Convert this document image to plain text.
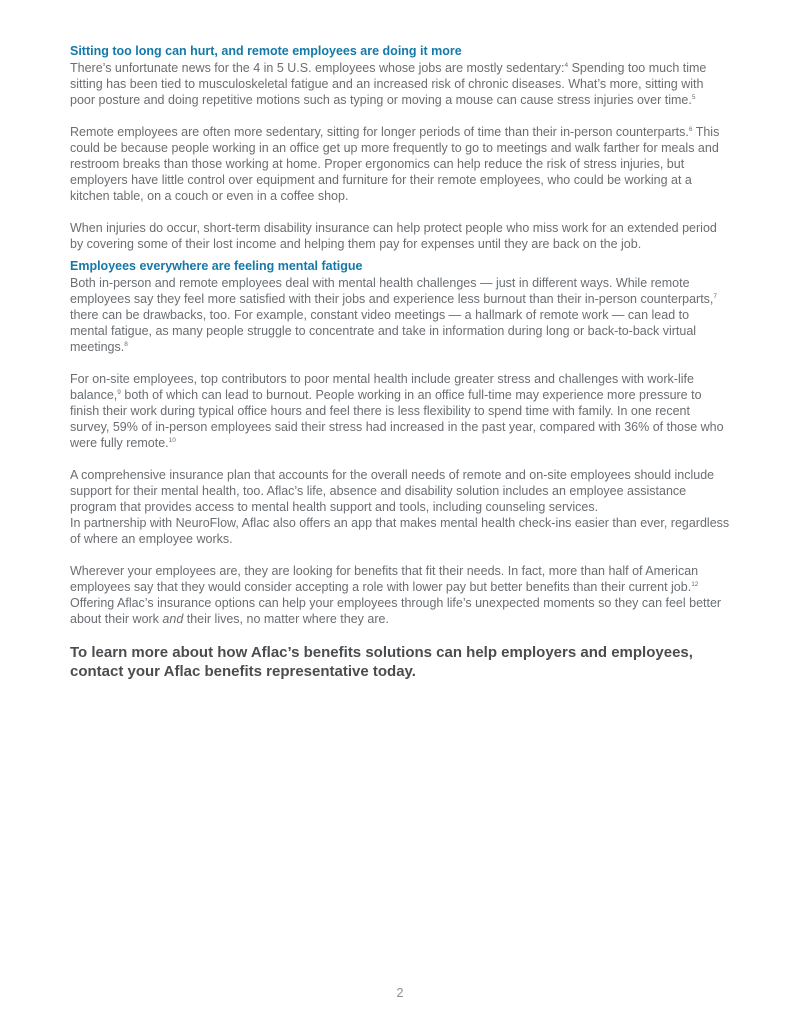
Sitting too long can hurt, and remote employees are doing it more

There’s unfortunate news for the 4 in 5 U.S. employees whose jobs are mostly sedentary:$^4$ Spending too much time sitting has been tied to musculoskeletal fatigue and an increased risk of chronic diseases. What’s more, sitting with poor posture and doing repetitive motions such as typing or moving a mouse can cause stress injuries over time.$^5$

Remote employees are often more sedentary, sitting for longer periods of time than their in-person counterparts.$^6$ This could be because people working in an office get up more frequently to go to meetings and walk farther for meals and restroom breaks than those working at home. Proper ergonomics can help reduce the risk of stress injuries, but employers have little control over equipment and furniture for their remote employees, who could be working at a kitchen table, on a couch or even in a coffee shop.

When injuries do occur, short-term disability insurance can help protect people who miss work for an extended period by covering some of their lost income and helping them pay for expenses until they are back on the job.

Employees everywhere are feeling mental fatigue

Both in-person and remote employees deal with mental health challenges — just in different ways. While remote employees say they feel more satisfied with their jobs and experience less burnout than their in-person counterparts,$^7$ there can be drawbacks, too. For example, constant video meetings — a hallmark of remote work — can lead to mental fatigue, as many people struggle to concentrate and take in information during long or back-to-back virtual meetings.$^8$

For on-site employees, top contributors to poor mental health include greater stress and challenges with work-life balance,$^9$ both of which can lead to burnout. People working in an office full-time may experience more pressure to finish their work during typical office hours and feel there is less flexibility to spend time with family. In one recent survey, 59% of in-person employees said their stress had increased in the past year, compared with 36% of those who were fully remote.$^{10}$

A comprehensive insurance plan that accounts for the overall needs of remote and on-site employees should include support for their mental health, too. Aflac’s life, absence and disability solution includes an employee assistance program that provides access to mental health support and tools, including counseling services.
In partnership with NeuroFlow, Aflac also offers an app that makes mental health check-ins easier than ever, regardless of where an employee works.

Wherever your employees are, they are looking for benefits that fit their needs. In fact, more than half of American employees say that they would consider accepting a role with lower pay but better benefits than their current job.$^{12}$ Offering Aflac’s insurance options can help your employees through life’s unexpected moments so they can feel better about their work and their lives, no matter where they are.

To learn more about how Aflac’s benefits solutions can help employers and employees,
contact your Aflac benefits representative today.
2
